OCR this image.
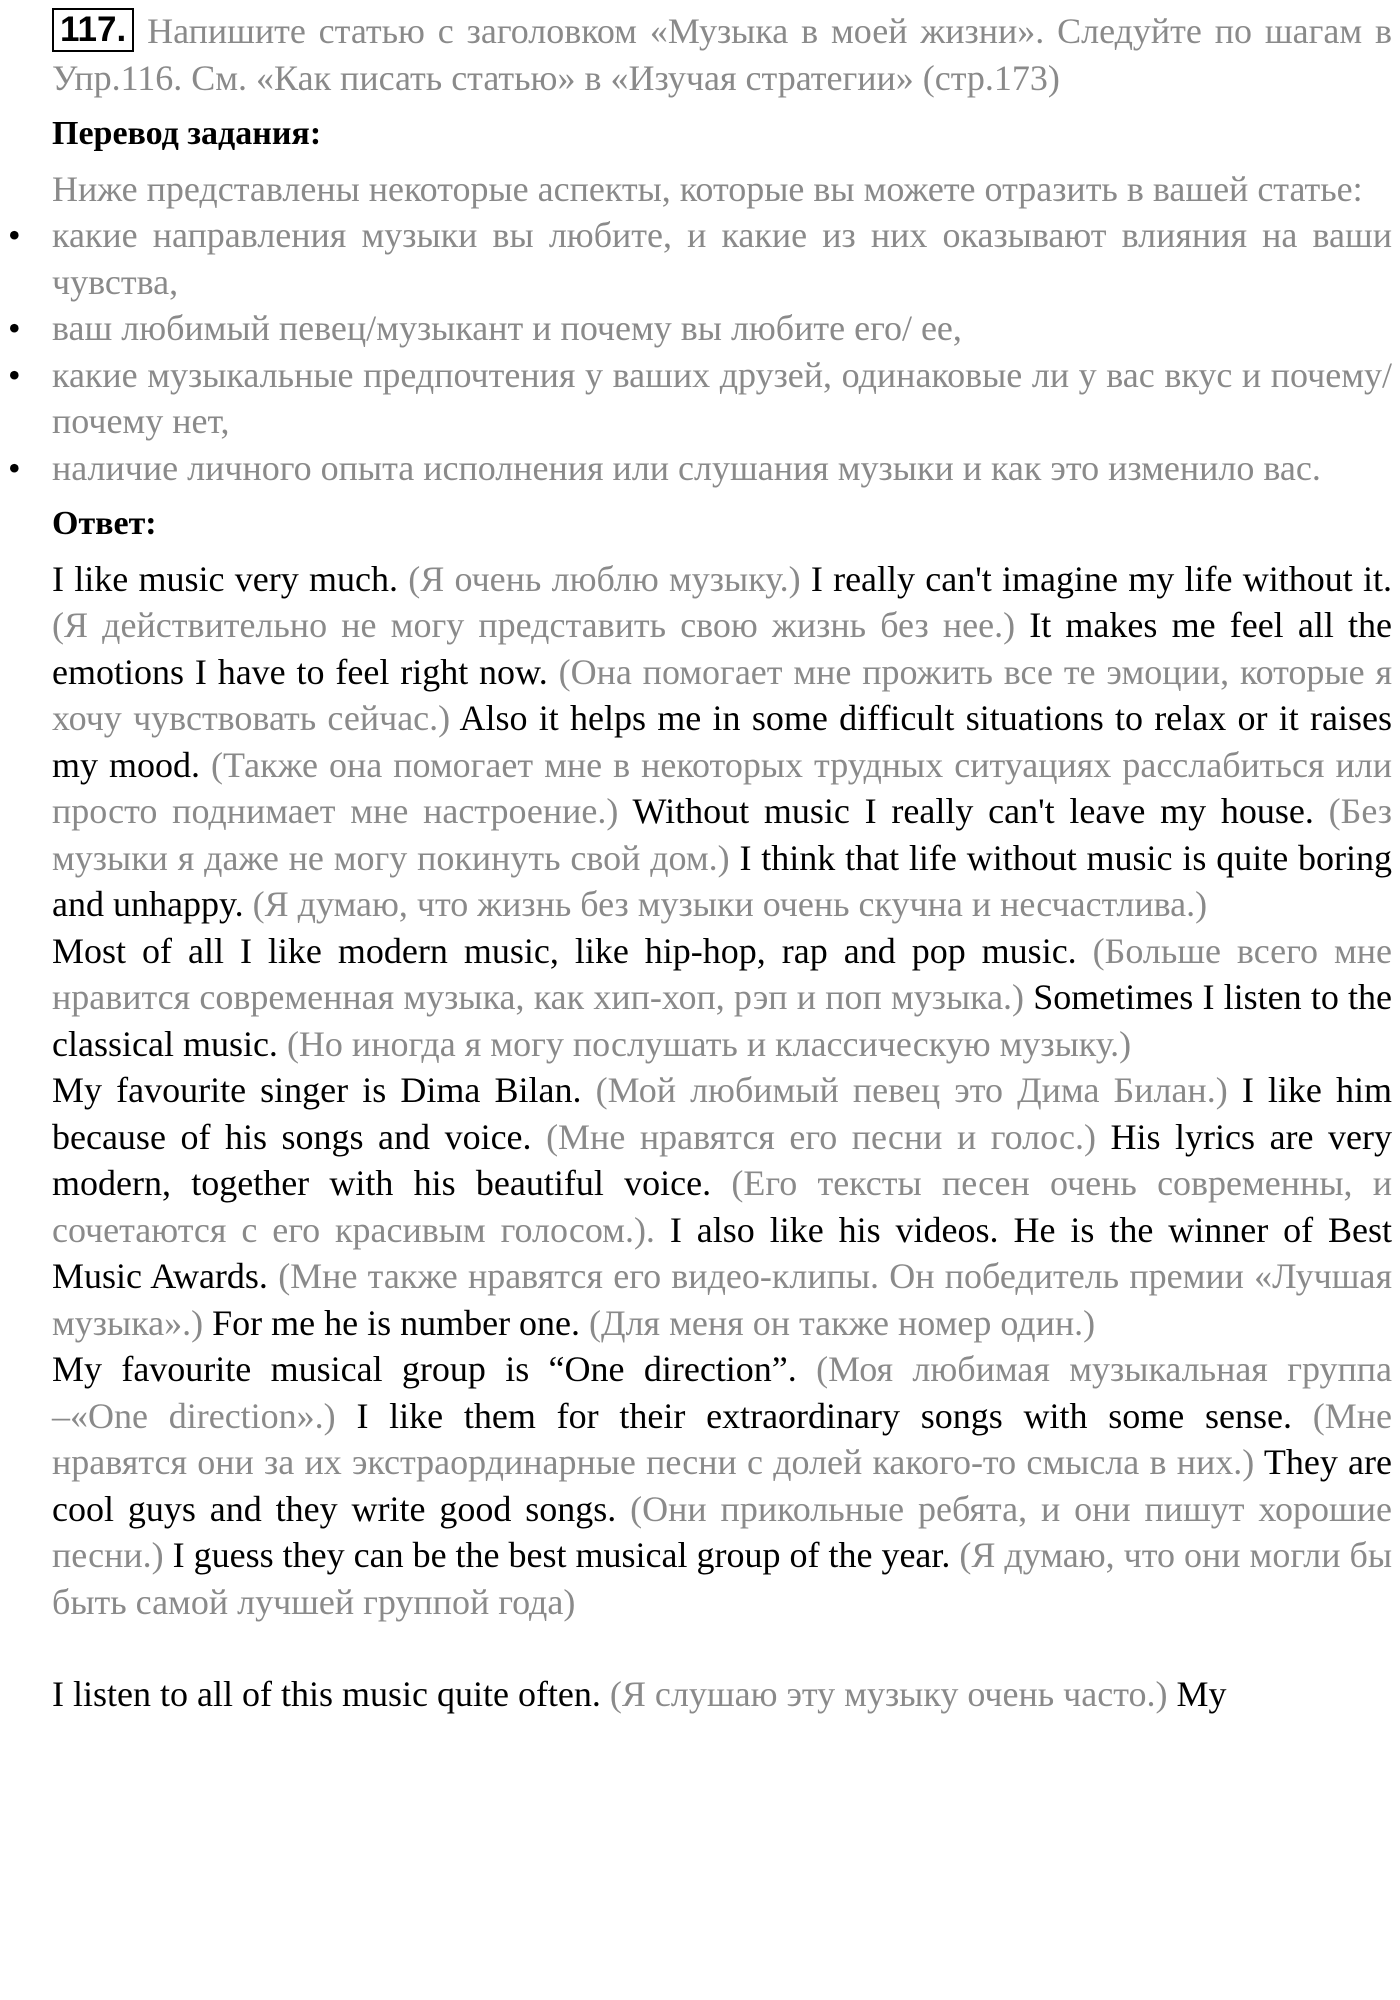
117. Напишите статью с заголовком «Музыка в моей жизни». Следуйте по шагам в Упр.116. См. «Как писать статью» в «Изучая стратегии» (стр.173)
Перевод задания:
Ниже представлены некоторые аспекты, которые вы можете отразить в вашей статье:
• какие направления музыки вы любите, и какие из них оказывают влияния на ваши чувства,
• ваш любимый певец/музыкант и почему вы любите его/ ее,
• какие музыкальные предпочтения у ваших друзей, одинаковые ли у вас вкус и почему/ почему нет,
• наличие личного опыта исполнения или слушания музыки и как это изменило вас.
Ответ:

I like music very much. (Я очень люблю музыку.) I really can't imagine my life without it. (Я действительно не могу представить свою жизнь без нее.) It makes me feel all the emotions I have to feel right now. (Она помогает мне прожить все те эмоции, которые я хочу чувствовать сейчас.) Also it helps me in some difficult situations to relax or it raises my mood. (Также она помогает мне в некоторых трудных ситуациях расслабиться или просто поднимает мне настроение.) Without music I really can't leave my house. (Без музыки я даже не могу покинуть свой дом.) I think that life without music is quite boring and unhappy. (Я думаю, что жизнь без музыки очень скучна и несчастлива.)

Most of all I like modern music, like hip-hop, rap and pop music. (Больше всего мне нравится современная музыка, как хип-хоп, рэп и поп музыка.) Sometimes I listen to the classical music. (Но иногда я могу послушать и классическую музыку.)

My favourite singer is Dima Bilan. (Мой любимый певец это Дима Билан.) I like him because of his songs and voice. (Мне нравятся его песни и голос.) His lyrics are very modern, together with his beautiful voice. (Его тексты песен очень современны, и сочетаются с его красивым голосом.). I also like his videos. He is the winner of Best Music Awards. (Мне также нравятся его видео-клипы. Он победитель премии «Лучшая музыка».) For me he is number one. (Для меня он также номер один.)

My favourite musical group is “One direction”. (Моя любимая музыкальная группа –«One direction».) I like them for their extraordinary songs with some sense. (Мне нравятся они за их экстраординарные песни с долей какого-то смысла в них.) They are cool guys and they write good songs. (Они прикольные ребята, и они пишут хорошие песни.) I guess they can be the best musical group of the year. (Я думаю, что они могли бы быть самой лучшей группой года)

I listen to all of this music quite often. (Я слушаю эту музыку очень часто.) My
